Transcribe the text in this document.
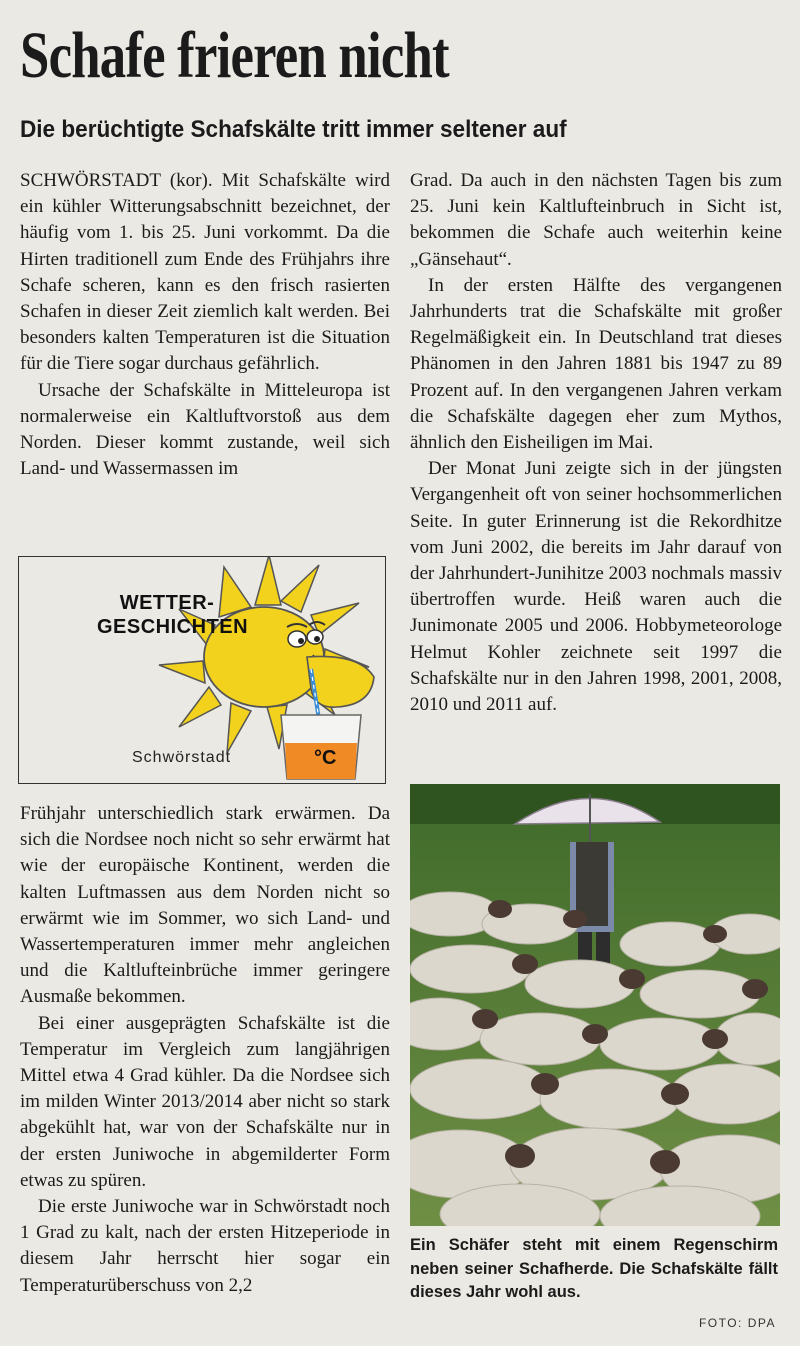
Schafe frieren nicht
Die berüchtigte Schafskälte tritt immer seltener auf

SCHWÖRSTADT (kor). Mit Schafskälte wird ein kühler Witterungsabschnitt bezeichnet, der häufig vom 1. bis 25. Juni vorkommt. Da die Hirten traditionell zum Ende des Frühjahrs ihre Schafe scheren, kann es den frisch rasierten Schafen in dieser Zeit ziemlich kalt werden. Bei besonders kalten Temperaturen ist die Situation für die Tiere sogar durchaus gefährlich.

Ursache der Schafskälte in Mitteleuropa ist normalerweise ein Kaltluftvorstoß aus dem Norden. Dieser kommt zustande, weil sich Land- und Wassermassen im

WETTER-
GESCHICHTEN
Schwörstadt	°C

Frühjahr unterschiedlich stark erwärmen. Da sich die Nordsee noch nicht so sehr erwärmt hat wie der europäische Kontinent, werden die kalten Luftmassen aus dem Norden nicht so erwärmt wie im Sommer, wo sich Land- und Wassertemperaturen immer mehr angleichen und die Kaltlufteinbrüche immer geringere Ausmaße bekommen.

Bei einer ausgeprägten Schafskälte ist die Temperatur im Vergleich zum langjährigen Mittel etwa 4 Grad kühler. Da die Nordsee sich im milden Winter 2013/2014 aber nicht so stark abgekühlt hat, war von der Schafskälte nur in der ersten Juniwoche in abgemilderter Form etwas zu spüren.

Die erste Juniwoche war in Schwörstadt noch 1 Grad zu kalt, nach der ersten Hitzeperiode in diesem Jahr herrscht hier sogar ein Temperaturüberschuss von 2,2

Grad. Da auch in den nächsten Tagen bis zum 25. Juni kein Kaltlufteinbruch in Sicht ist, bekommen die Schafe auch weiterhin keine „Gänsehaut“.

In der ersten Hälfte des vergangenen Jahrhunderts trat die Schafskälte mit großer Regelmäßigkeit ein. In Deutschland trat dieses Phänomen in den Jahren 1881 bis 1947 zu 89 Prozent auf. In den vergangenen Jahren verkam die Schafskälte dagegen eher zum Mythos, ähnlich den Eisheiligen im Mai.

Der Monat Juni zeigte sich in der jüngsten Vergangenheit oft von seiner hochsommerlichen Seite. In guter Erinnerung ist die Rekordhitze vom Juni 2002, die bereits im Jahr darauf von der Jahrhundert-Junihitze 2003 nochmals massiv übertroffen wurde. Heiß waren auch die Junimonate 2005 und 2006. Hobbymeteorologe Helmut Kohler zeichnete seit 1997 die Schafskälte nur in den Jahren 1998, 2001, 2008, 2010 und 2011 auf.

Ein Schäfer steht mit einem Regenschirm neben seiner Schafherde. Die Schafskälte fällt dieses Jahr wohl aus.
FOTO: DPA
